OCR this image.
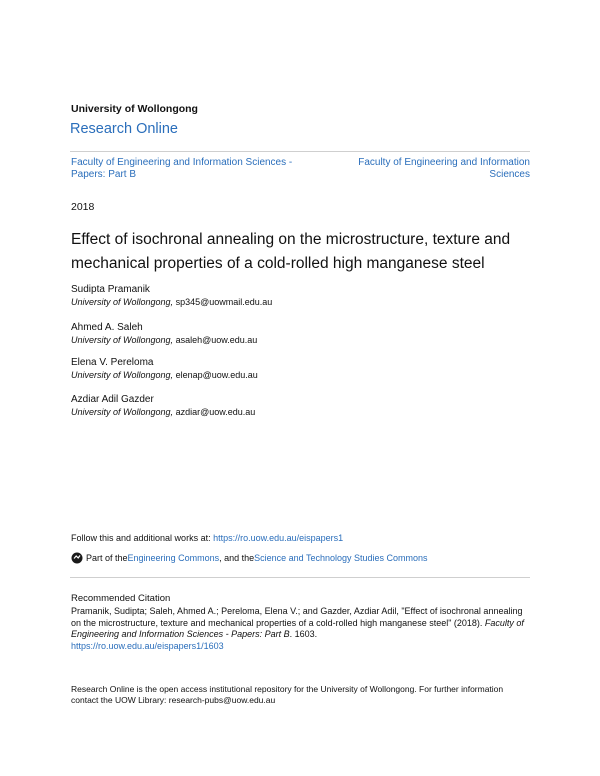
University of Wollongong
Research Online
Faculty of Engineering and Information Sciences - Papers: Part B
Faculty of Engineering and Information Sciences
2018
Effect of isochronal annealing on the microstructure, texture and mechanical properties of a cold-rolled high manganese steel
Sudipta Pramanik
University of Wollongong, sp345@uowmail.edu.au
Ahmed A. Saleh
University of Wollongong, asaleh@uow.edu.au
Elena V. Pereloma
University of Wollongong, elenap@uow.edu.au
Azdiar Adil Gazder
University of Wollongong, azdiar@uow.edu.au
Follow this and additional works at: https://ro.uow.edu.au/eispapers1
Part of the Engineering Commons , and the Science and Technology Studies Commons
Recommended Citation
Pramanik, Sudipta; Saleh, Ahmed A.; Pereloma, Elena V.; and Gazder, Azdiar Adil, "Effect of isochronal annealing on the microstructure, texture and mechanical properties of a cold-rolled high manganese steel" (2018). Faculty of Engineering and Information Sciences - Papers: Part B. 1603.
https://ro.uow.edu.au/eispapers1/1603
Research Online is the open access institutional repository for the University of Wollongong. For further information contact the UOW Library: research-pubs@uow.edu.au
